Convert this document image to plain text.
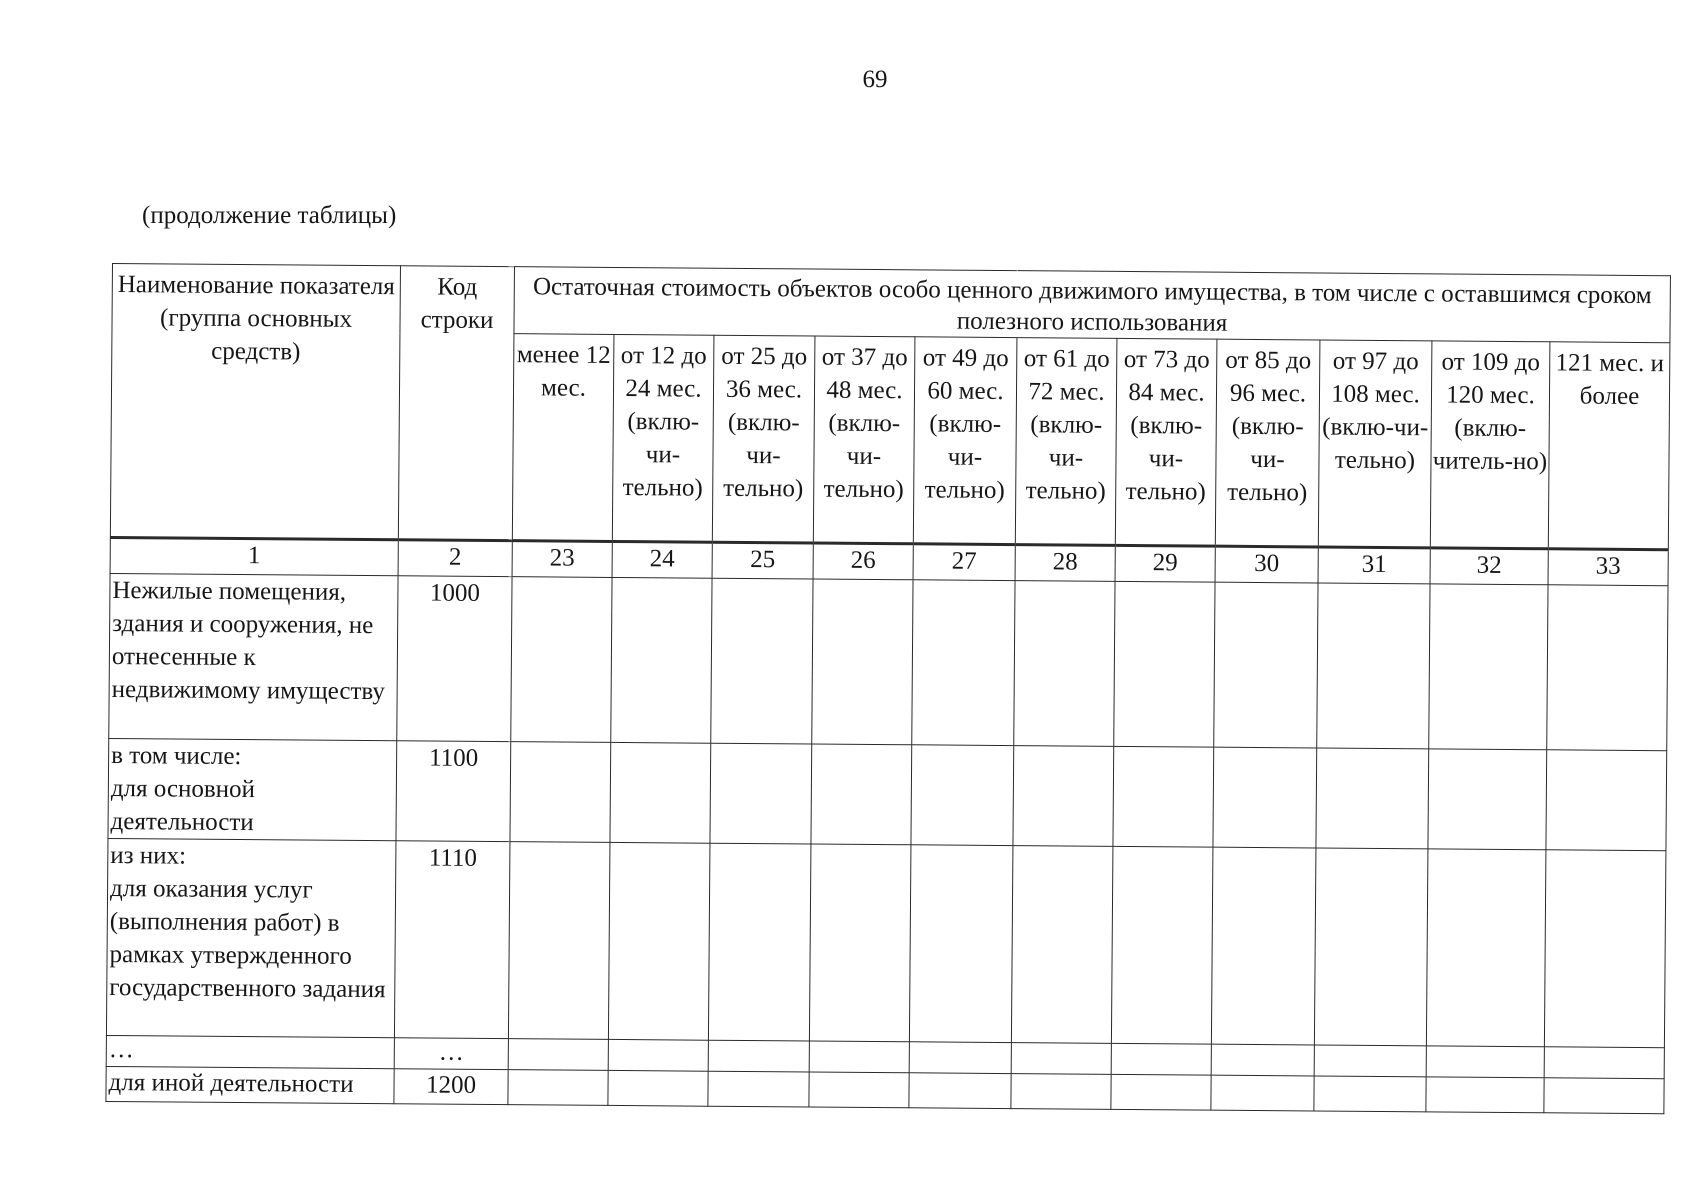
69
(продолжение таблицы)
Наименование показателя (группа основных средств)	Код строки	Остаточная стоимость объектов особо ценного движимого имущества, в том числе с оставшимся сроком полезного использования										
		менее 12 мес.	от 12 до 24 мес. (вклю-чи-тельно)	от 25 до 36 мес. (вклю-чи-тельно)	от 37 до 48 мес. (вклю-чи-тельно)	от 49 до 60 мес. (вклю-чи-тельно)	от 61 до 72 мес. (вклю-чи-тельно)	от 73 до 84 мес. (вклю-чи-тельно)	от 85 до 96 мес. (вклю-чи-тельно)	от 97 до 108 мес. (вклю-чи-тельно)	от 109 до 120 мес. (вклю-читель-но)	121 мес. и более
1	2	23	24	25	26	27	28	29	30	31	32	33
Нежилые помещения, здания и сооружения, не отнесенные к недвижимому имуществу	1000											
в том числе:
для основной деятельности	1100											
из них:
для оказания услуг (выполнения работ) в рамках утвержденного государственного задания	1110											
…	…											
для иной деятельности	1200											
